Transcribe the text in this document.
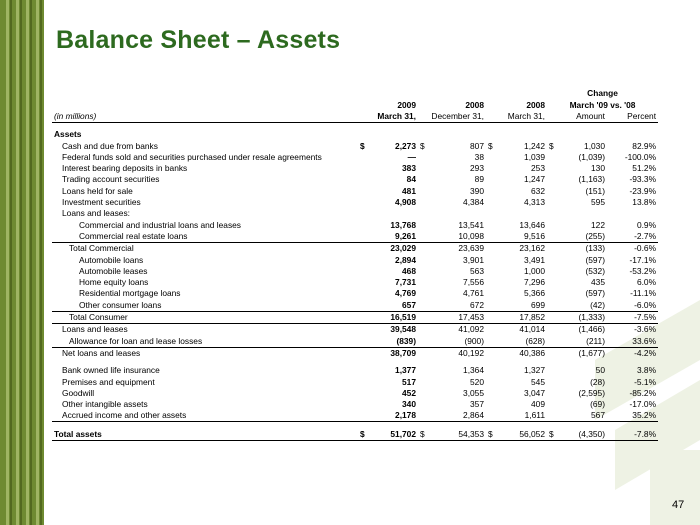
Balance Sheet – Assets
							Change		
		2009		2008		2008	March '09 vs. '08		
(in millions)		March 31,		December 31,		March 31,		Amount	Percent

Assets									
Cash and due from banks	$	2,273	$	807	$	1,242	$	1,030	82.9%
Federal funds sold and securities purchased under resale agreements		—		38		1,039		(1,039)	-100.0%
Interest bearing deposits in banks		383		293		253		130	51.2%
Trading account securities		84		89		1,247		(1,163)	-93.3%
Loans held for sale		481		390		632		(151)	-23.9%
Investment securities		4,908		4,384		4,313		595	13.8%
Loans and leases:									
Commercial and industrial loans and leases		13,768		13,541		13,646		122	0.9%
Commercial real estate loans		9,261		10,098		9,516		(255)	-2.7%
Total Commercial		23,029		23,639		23,162		(133)	-0.6%
Automobile loans		2,894		3,901		3,491		(597)	-17.1%
Automobile leases		468		563		1,000		(532)	-53.2%
Home equity loans		7,731		7,556		7,296		435	6.0%
Residential mortgage loans		4,769		4,761		5,366		(597)	-11.1%
Other consumer loans		657		672		699		(42)	-6.0%
Total Consumer		16,519		17,453		17,852		(1,333)	-7.5%
Loans and leases		39,548		41,092		41,014		(1,466)	-3.6%
Allowance for loan and lease losses		(839)		(900)		(628)		(211)	33.6%
Net loans and leases		38,709		40,192		40,386		(1,677)	-4.2%

Bank owned life insurance		1,377		1,364		1,327		50	3.8%
Premises and equipment		517		520		545		(28)	-5.1%
Goodwill		452		3,055		3,047		(2,595)	-85.2%
Other intangible assets		340		357		409		(69)	-17.0%
Accrued income and other assets		2,178		2,864		1,611		567	35.2%

Total assets	$	51,702	$	54,353	$	56,052	$	(4,350)	-7.8%
47
